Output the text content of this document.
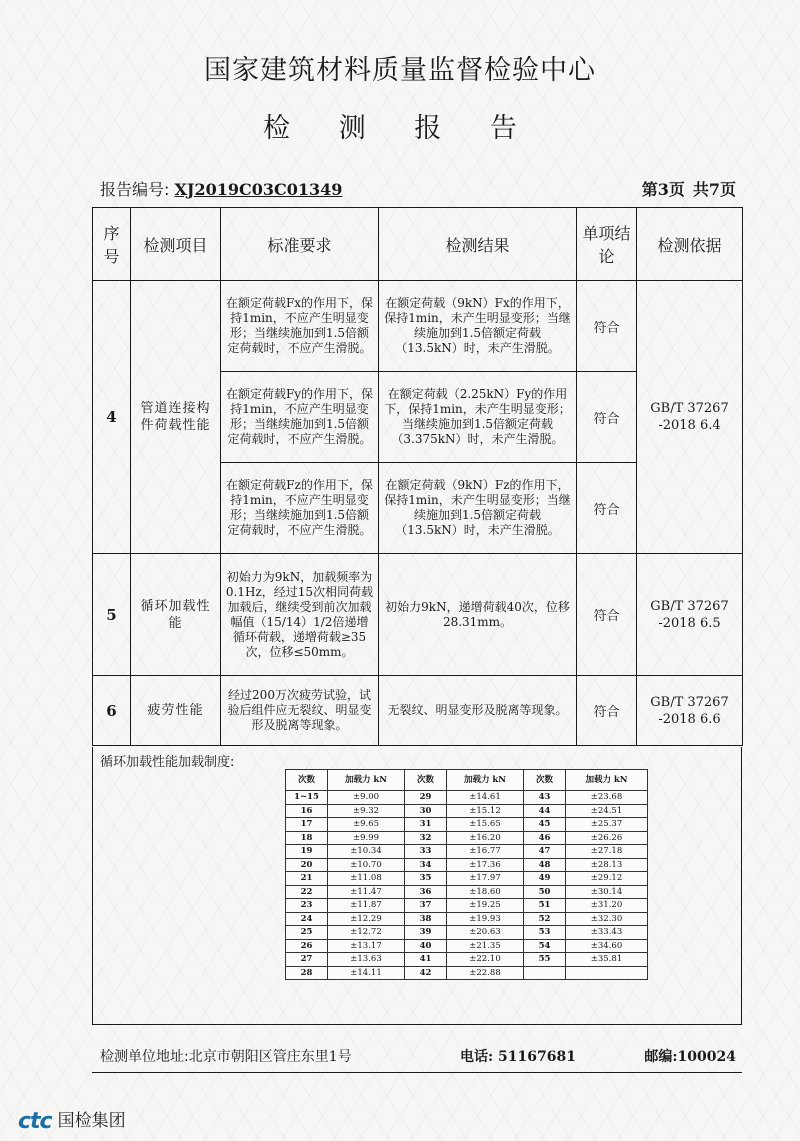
国家建筑材料质量监督检验中心
检 测 报 告
报告编号: XJ2019C03C01349	第3页 共7页
序号	检测项目	标准要求	检测结果	单项结论	检测依据
4	管道连接构件荷载性能	在额定荷载Fx的作用下，保持1min，不应产生明显变形；当继续施加到1.5倍额定荷载时，不应产生滑脱。	在额定荷载（9kN）Fx的作用下，保持1min，未产生明显变形；当继续施加到1.5倍额定荷载（13.5kN）时，未产生滑脱。	符合	GB/T 37267 -2018 6.4
		在额定荷载Fy的作用下，保持1min，不应产生明显变形；当继续施加到1.5倍额定荷载时，不应产生滑脱。	在额定荷载（2.25kN）Fy的作用下，保持1min，未产生明显变形；当继续施加到1.5倍额定荷载（3.375kN）时，未产生滑脱。	符合	
		在额定荷载Fz的作用下，保持1min，不应产生明显变形；当继续施加到1.5倍额定荷载时，不应产生滑脱。	在额定荷载（9kN）Fz的作用下，保持1min，未产生明显变形；当继续施加到1.5倍额定荷载（13.5kN）时，未产生滑脱。	符合	
5	循环加载性能	初始力为9kN，加载频率为0.1Hz，经过15次相同荷载加载后，继续受到前次加载幅值（15/14）1/2倍递增循环荷载，递增荷载≥35次，位移≤50mm。	初始力9kN，递增荷载40次，位移28.31mm。	符合	GB/T 37267 -2018 6.5
6	疲劳性能	经过200万次疲劳试验，试验后组件应无裂纹、明显变形及脱离等现象。	无裂纹、明显变形及脱离等现象。	符合	GB/T 37267 -2018 6.6
循环加载性能加载制度:
次数	加载力 kN	次数	加载力 kN	次数	加载力 kN
1~15	±9.00	29	±14.61	43	±23.68
16	±9.32	30	±15.12	44	±24.51
17	±9.65	31	±15.65	45	±25.37
18	±9.99	32	±16.20	46	±26.26
19	±10.34	33	±16.77	47	±27.18
20	±10.70	34	±17.36	48	±28.13
21	±11.08	35	±17.97	49	±29.12
22	±11.47	36	±18.60	50	±30.14
23	±11.87	37	±19.25	51	±31.20
24	±12.29	38	±19.93	52	±32.30
25	±12.72	39	±20.63	53	±33.43
26	±13.17	40	±21.35	54	±34.60
27	±13.63	41	±22.10	55	±35.81
28	±14.11	42	±22.88		
检测单位地址:北京市朝阳区管庄东里1号	电话: 51167681	邮编:100024
ctc 国检集团
